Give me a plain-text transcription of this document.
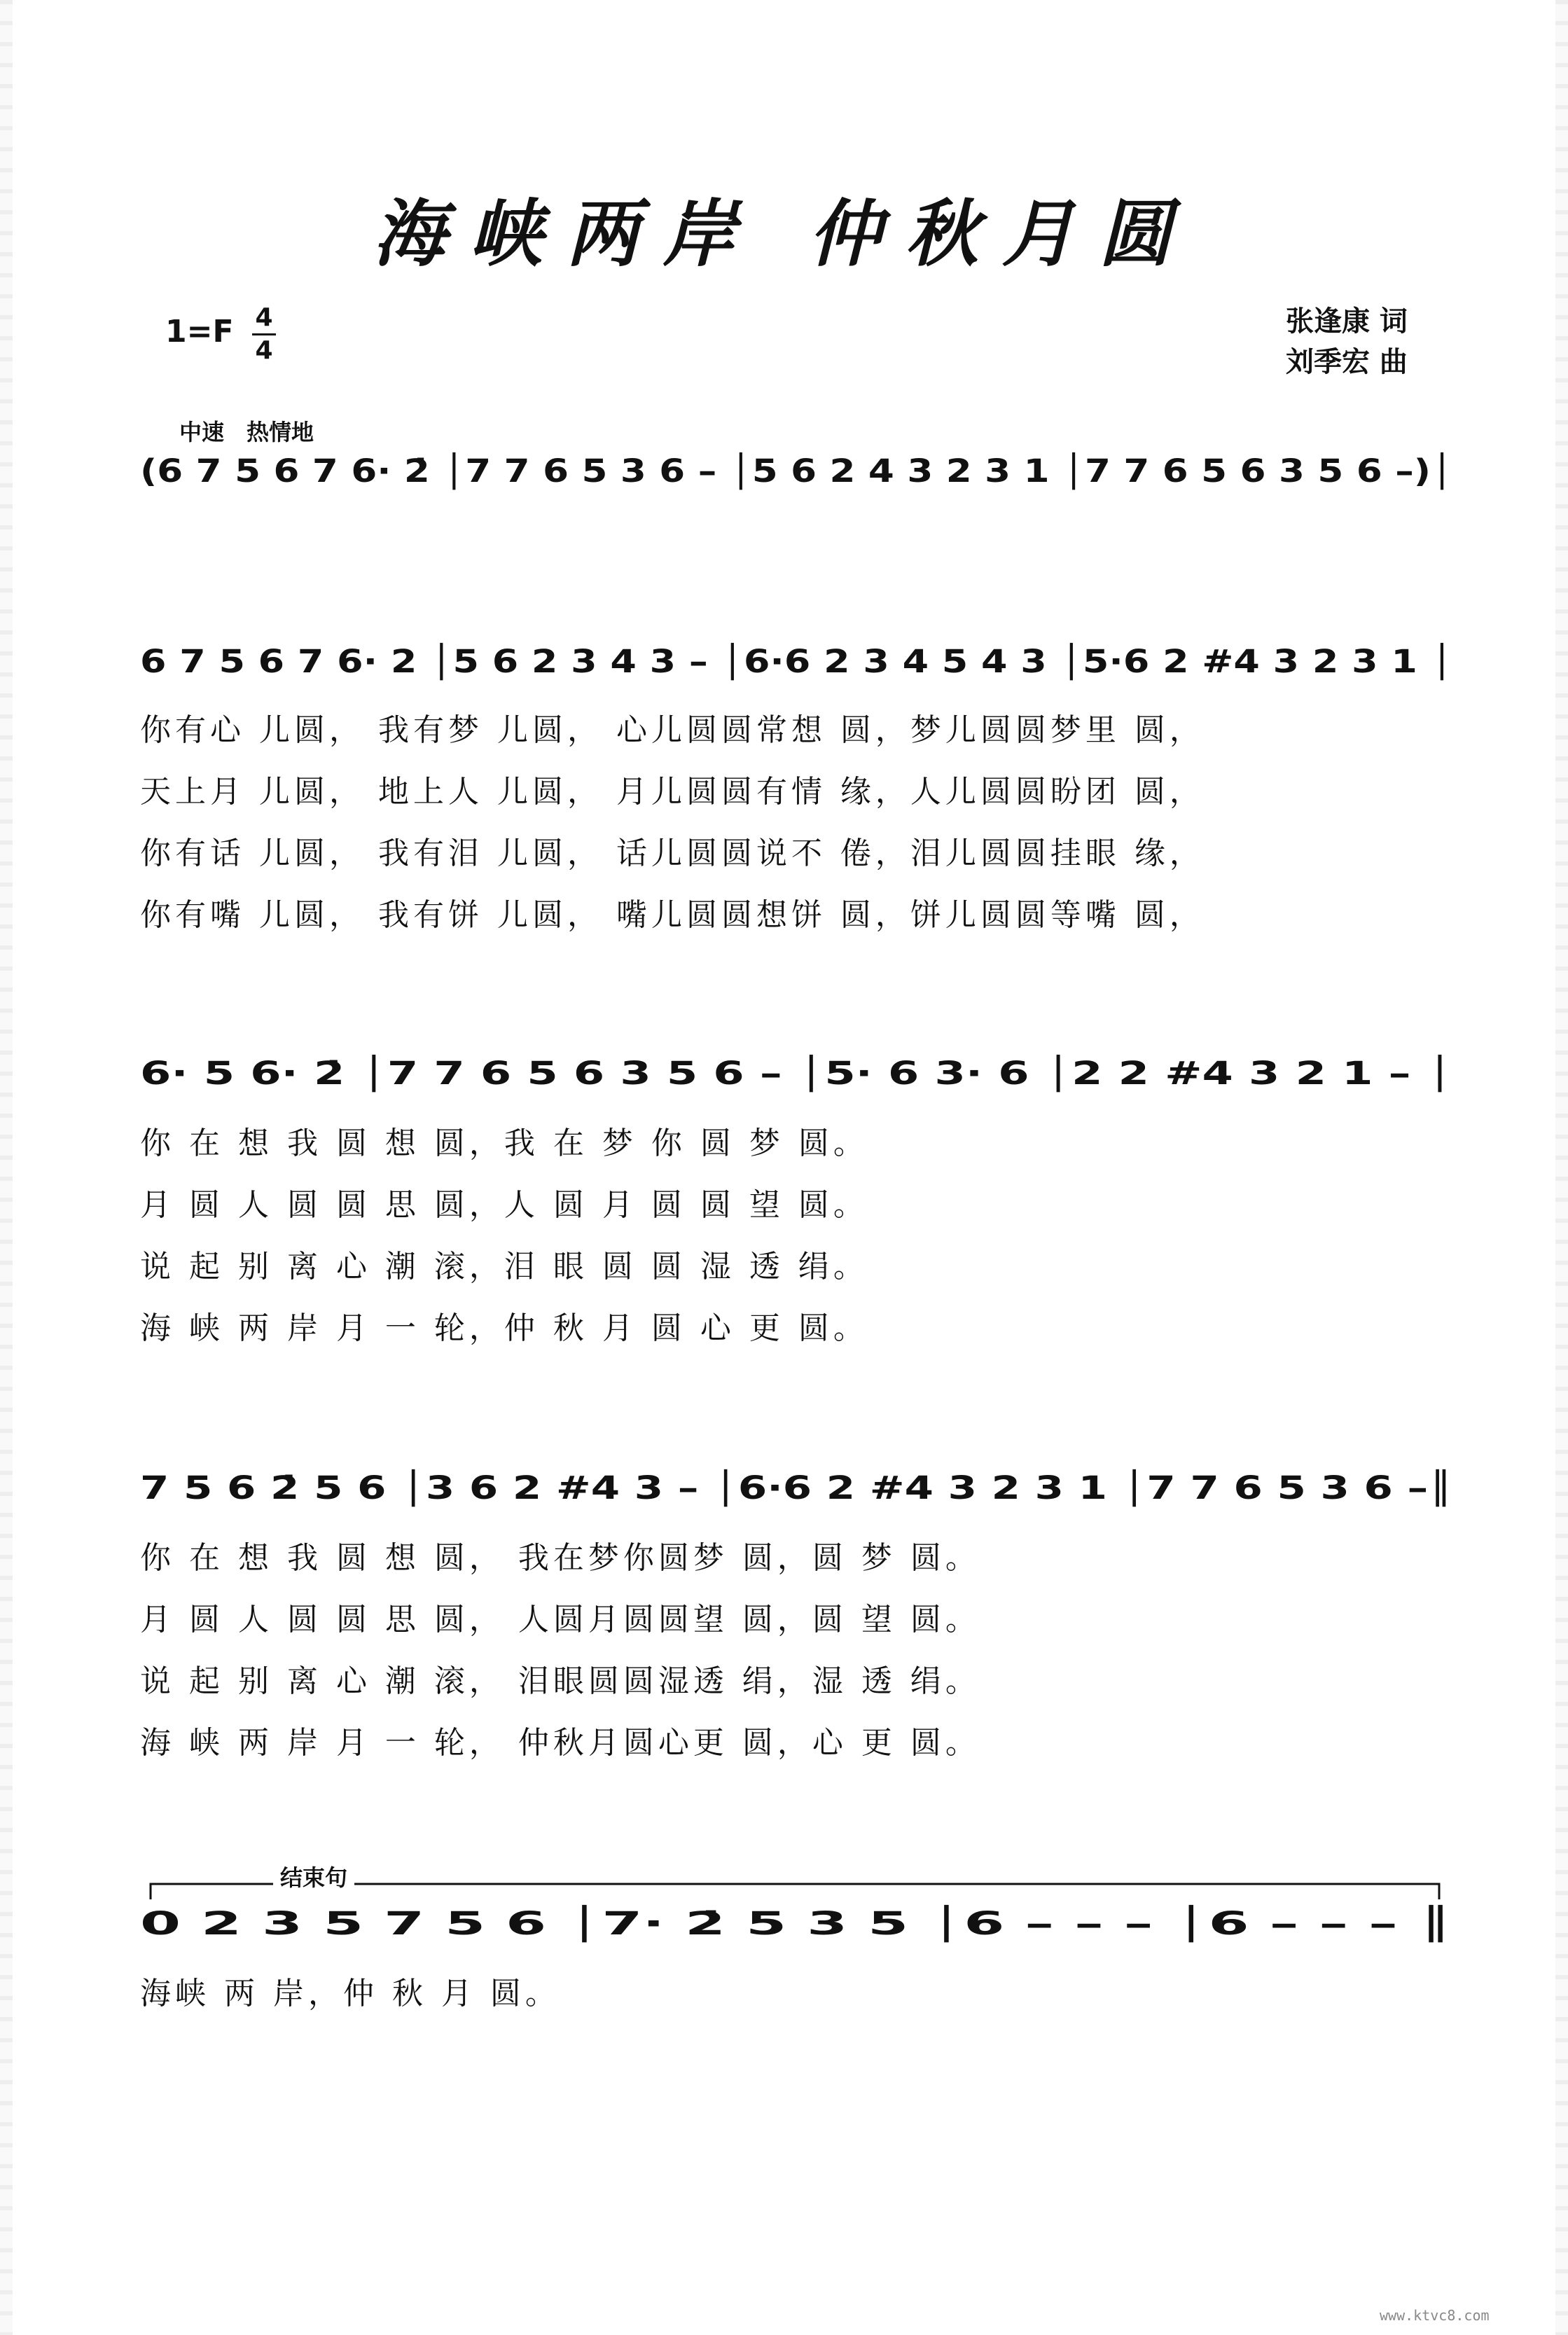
海峡两岸 仲秋月圆
1=F 4
4
张逢康 词
刘季宏 曲
中速　热情地
(6 7 5 6 7 6· 2̇ │7 7 6 5 3 6 – │5 6 2 4 3 2 3 1 │7 7 6 5 6 3 5 6 –)│
6 7 5 6 7 6· 2 │5 6 2 3 4 3 – │6·6 2 3 4 5 4 3 │5·6 2 #4 3 2 3 1 │
6· 5 6· 2̇ │7 7 6 5 6 3 5 6 – │5· 6 3· 6 │2 2 #4 3 2 1 – │
7 5 6 2̇ 5 6 │3 6 2 #4 3 – │6·6 2 #4 3 2 3 1 │7 7 6 5 3 6 –║
0 2 3 5 7 5 6 │7· 2̇ 5 3 5 │6 – – – │6 – – – ║
结束句
你有心 儿圆， 我有梦 儿圆， 心儿圆圆常想 圆，梦儿圆圆梦里 圆，
天上月 儿圆， 地上人 儿圆， 月儿圆圆有情 缘，人儿圆圆盼团 圆，
你有话 儿圆， 我有泪 儿圆， 话儿圆圆说不 倦，泪儿圆圆挂眼 缘，
你有嘴 儿圆， 我有饼 儿圆， 嘴儿圆圆想饼 圆，饼儿圆圆等嘴 圆，
你 在 想 我 圆 想 圆，我 在 梦 你 圆 梦 圆。
月 圆 人 圆 圆 思 圆，人 圆 月 圆 圆 望 圆。
说 起 别 离 心 潮 滚，泪 眼 圆 圆 湿 透 绢。
海 峡 两 岸 月 一 轮，仲 秋 月 圆 心 更 圆。
你 在 想 我 圆 想 圆， 我在梦你圆梦 圆，圆 梦 圆。
月 圆 人 圆 圆 思 圆， 人圆月圆圆望 圆，圆 望 圆。
说 起 别 离 心 潮 滚， 泪眼圆圆湿透 绢，湿 透 绢。
海 峡 两 岸 月 一 轮， 仲秋月圆心更 圆，心 更 圆。
海峡 两 岸，仲 秋 月 圆。
www.ktvc8.com
